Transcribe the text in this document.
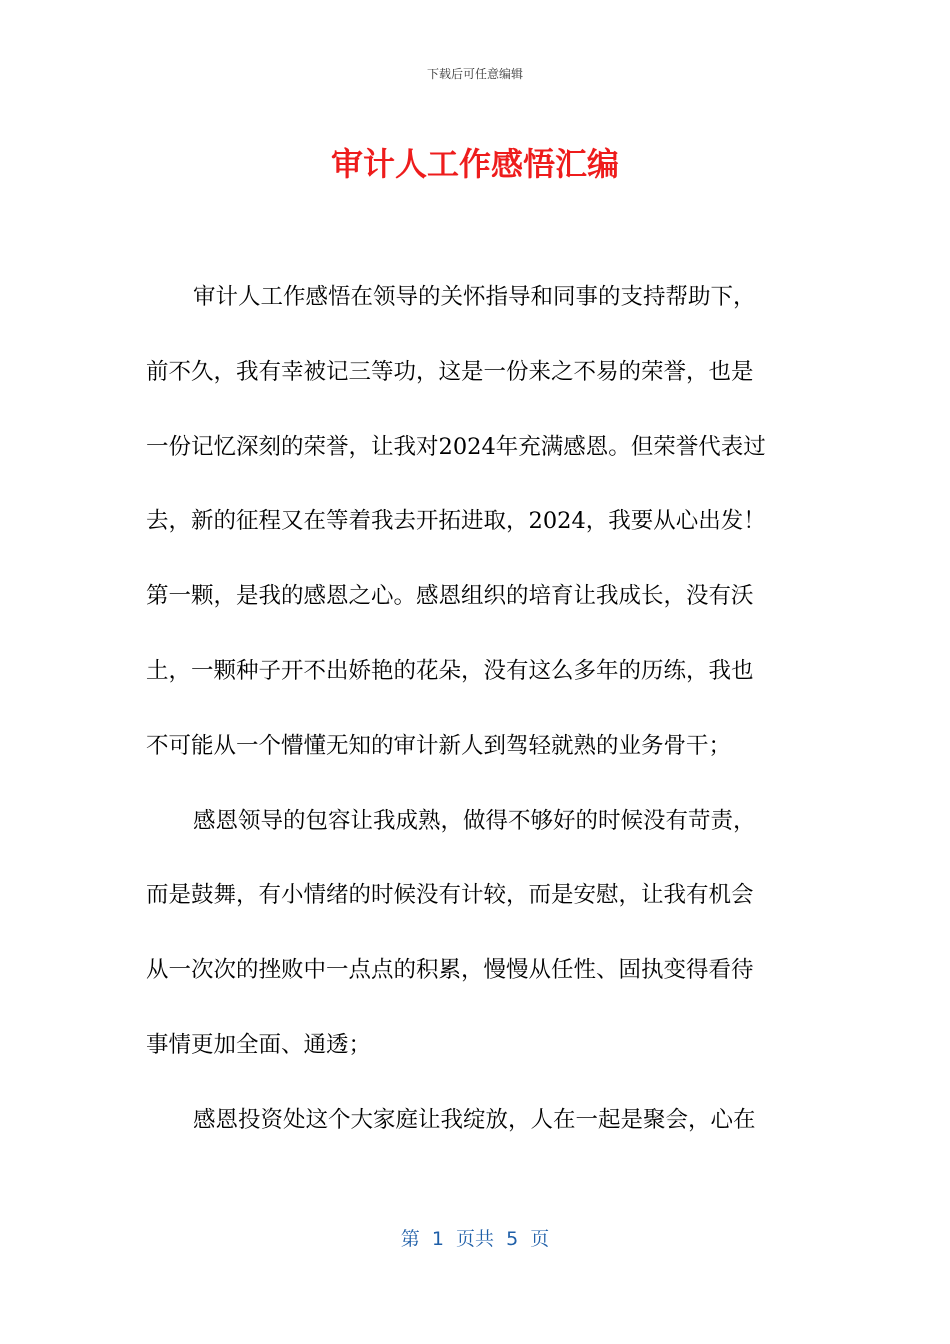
下载后可任意编辑
审计人工作感悟汇编
审计人工作感悟在领导的关怀指导和同事的支持帮助下，
前不久，我有幸被记三等功，这是一份来之不易的荣誉，也是
一份记忆深刻的荣誉，让我对2024年充满感恩。但荣誉代表过
去，新的征程又在等着我去开拓进取，2024，我要从心出发！
第一颗，是我的感恩之心。感恩组织的培育让我成长，没有沃
土，一颗种子开不出娇艳的花朵，没有这么多年的历练，我也
不可能从一个懵懂无知的审计新人到驾轻就熟的业务骨干；
感恩领导的包容让我成熟，做得不够好的时候没有苛责，
而是鼓舞，有小情绪的时候没有计较，而是安慰，让我有机会
从一次次的挫败中一点点的积累，慢慢从任性、固执变得看待
事情更加全面、通透；
感恩投资处这个大家庭让我绽放，人在一起是聚会，心在
第  1  页共  5  页
